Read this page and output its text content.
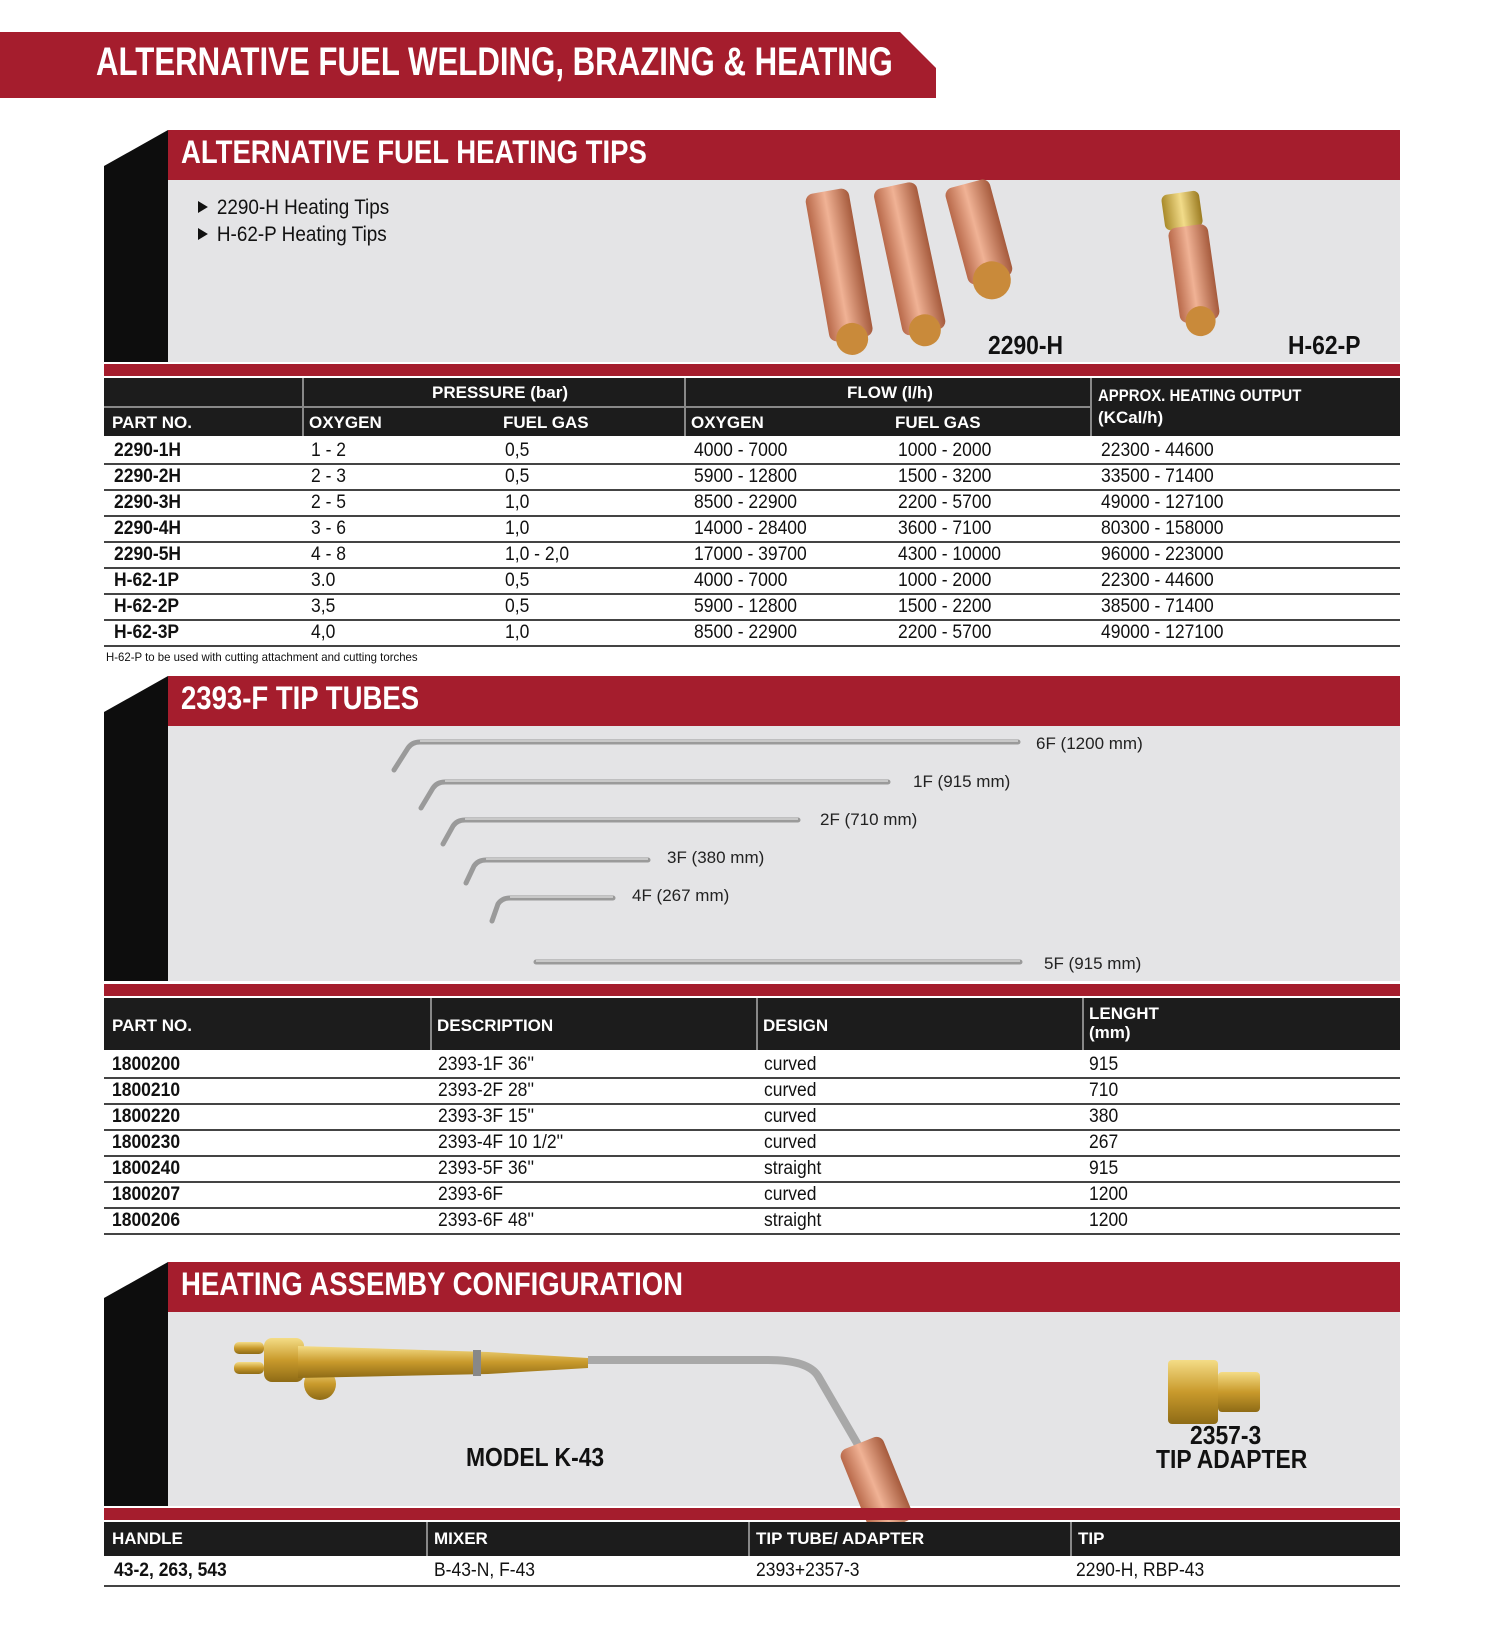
ALTERNATIVE FUEL WELDING, BRAZING & HEATING
ALTERNATIVE FUEL HEATING TIPS
2290-H Heating Tips
H-62-P Heating Tips
2290-H	H-62-P
PRESSURE (bar)	FLOW (l/h)	APPROX. HEATING OUTPUT
(KCal/h)
PART NO.	OXYGEN	FUEL GAS	OXYGEN	FUEL GAS
2290-1H	1 - 2	0,5	4000 - 7000	1000 - 2000	22300 - 44600
2290-2H	2 - 3	0,5	5900 - 12800	1500 - 3200	33500 - 71400
2290-3H	2 - 5	1,0	8500 - 22900	2200 - 5700	49000 - 127100
2290-4H	3 - 6	1,0	14000 - 28400	3600 - 7100	80300 - 158000
2290-5H	4 - 8	1,0 - 2,0	17000 - 39700	4300 - 10000	96000 - 223000
H-62-1P	3.0	0,5	4000 - 7000	1000 - 2000	22300 - 44600
H-62-2P	3,5	0,5	5900 - 12800	1500 - 2200	38500 - 71400
H-62-3P	4,0	1,0	8500 - 22900	2200 - 5700	49000 - 127100
H-62-P to be used with cutting attachment and cutting torches
2393-F TIP TUBES
6F (1200 mm)
1F (915 mm)
2F (710 mm)
3F (380 mm)
4F (267 mm)
5F (915 mm)
PART NO.	DESCRIPTION	DESIGN
LENGHT
(mm)
1800200	2393-1F 36''	curved	915
1800210	2393-2F 28''	curved	710
1800220	2393-3F 15''	curved	380
1800230	2393-4F 10 1/2''	curved	267
1800240	2393-5F 36''	straight	915
1800207	2393-6F	curved	1200
1800206	2393-6F 48''	straight	1200
HEATING ASSEMBY CONFIGURATION
MODEL K-43
2357-3
TIP ADAPTER
HANDLE	MIXER	TIP TUBE/ ADAPTER	TIP
43-2, 263, 543	B-43-N, F-43	2393+2357-3	2290-H, RBP-43
